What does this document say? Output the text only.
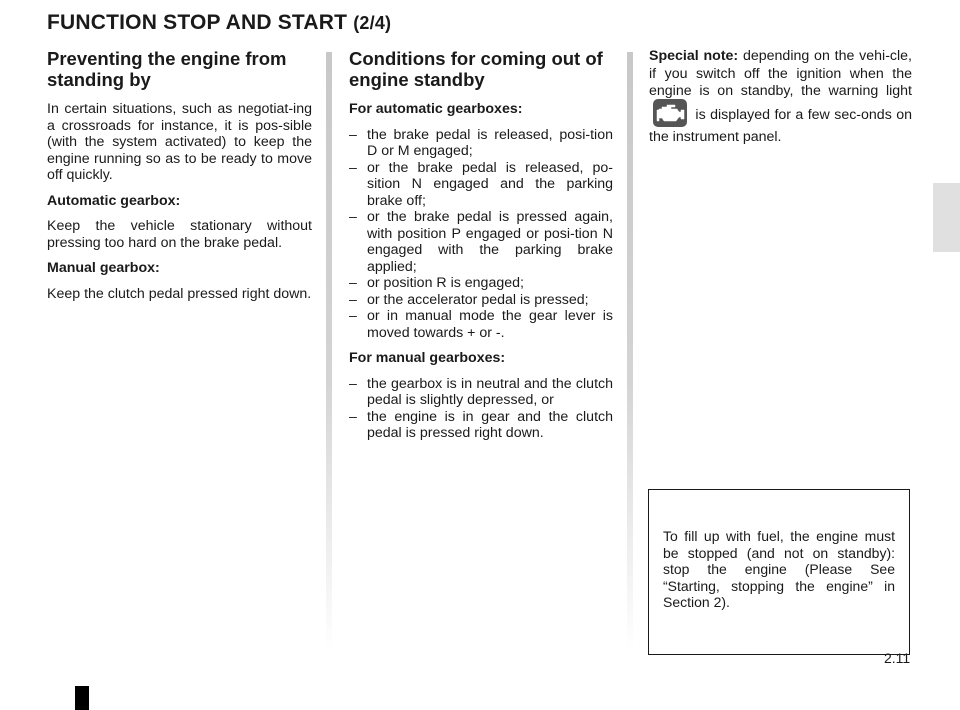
FUNCTION STOP AND START (2/4)
Preventing the engine from standing by

In certain situations, such as negotiat-ing a crossroads for instance, it is pos-sible (with the system activated) to keep the engine running so as to be ready to move off quickly.

Automatic gearbox:

Keep the vehicle stationary without pressing too hard on the brake pedal.

Manual gearbox:

Keep the clutch pedal pressed right down.

Conditions for coming out of engine standby

For automatic gearboxes:

– the brake pedal is released, posi-tion D or M engaged;
– or the brake pedal is released, po-sition N engaged and the parking brake off;
– or the brake pedal is pressed again, with position P engaged or posi-tion N engaged with the parking brake applied;
– or position R is engaged;
– or the accelerator pedal is pressed;
– or in manual mode the gear lever is moved towards + or -.

For manual gearboxes:

– the gearbox is in neutral and the clutch pedal is slightly depressed, or
– the engine is in gear and the clutch pedal is pressed right down.

Special note: depending on the vehi-cle, if you switch off the ignition when the engine is on standby, the warning light
is displayed for a few sec-onds on the instrument panel.

To fill up with fuel, the engine must be stopped (and not on standby): stop the engine (Please See “Starting, stopping the engine” in Section 2).
2.11
